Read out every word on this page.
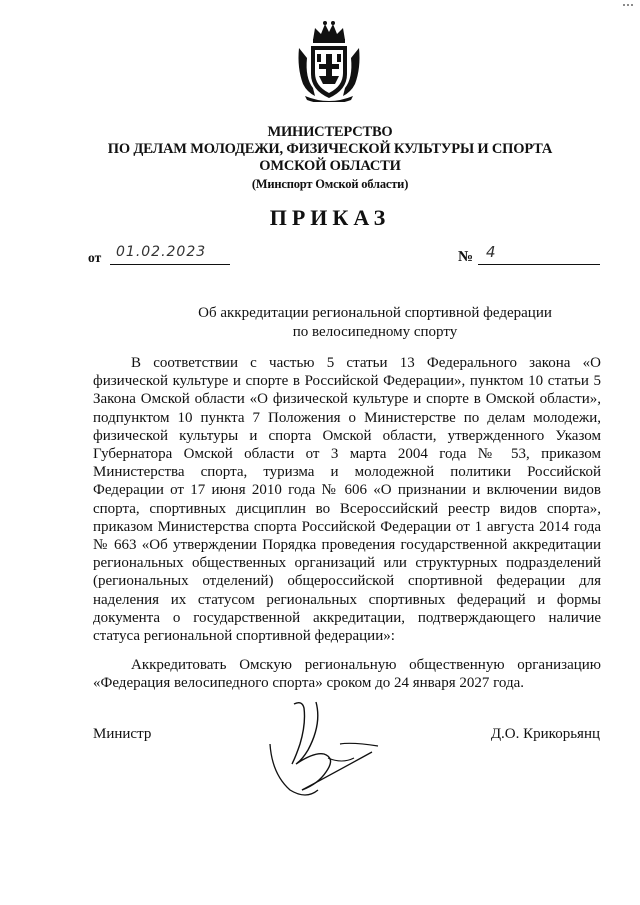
МИНИСТЕРСТВО
ПО ДЕЛАМ МОЛОДЕЖИ, ФИЗИЧЕСКОЙ КУЛЬТУРЫ И СПОРТА
ОМСКОЙ ОБЛАСТИ
(Минспорт Омской области)
ПРИКАЗ
от 01.02.2023	№ 4
Об аккредитации региональной спортивной федерации
по велосипедному спорту
В соответствии с частью 5 статьи 13 Федерального закона «О физической культуре и спорте в Российской Федерации», пунктом 10 статьи 5 Закона Омской области «О физической культуре и спорте в Омской области», подпунктом 10 пункта 7 Положения о Министерстве по делам молодежи, физической культуры и спорта Омской области, утвержденного Указом Губернатора Омской области от 3 марта 2004 года № 53, приказом Министерства спорта, туризма и молодежной политики Российской Федерации от 17 июня 2010 года № 606 «О признании и включении видов спорта, спортивных дисциплин во Всероссийский реестр видов спорта», приказом Министерства спорта Российской Федерации от 1 августа 2014 года № 663 «Об утверждении Порядка проведения государственной аккредитации региональных общественных организаций или структурных подразделений (региональных отделений) общероссийской спортивной федерации для наделения их статусом региональных спортивных федераций и формы документа о государственной аккредитации, подтверждающего наличие статуса региональной спортивной федерации»:
Аккредитовать Омскую региональную общественную организацию «Федерация велосипедного спорта» сроком до 24 января 2027 года.
Министр	Д.О. Крикорьянц
